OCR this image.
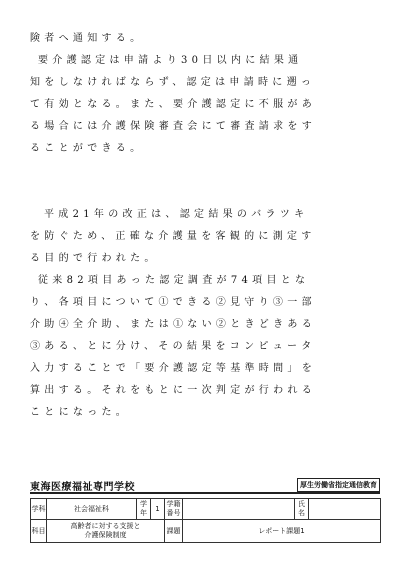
険者へ通知する。
要介護認定は申請より30日以内に結果通
知をしなければならず、認定は申請時に遡っ
て有効となる。また、要介護認定に不服があ
る場合には介護保険審査会にて審査請求をす
ることができる。
平成21年の改正は、認定結果のバラツキ
を防ぐため、正確な介護量を客観的に測定す
る目的で行われた。
従来82項目あった認定調査が74項目とな
り、各項目について①できる②見守り③一部
介助④全介助、または①ない②ときどきある
③ある、とに分け、その結果をコンピュータ
入力することで「要介護認定等基準時間」を
算出する。それをもとに一次判定が行われる
ことになった。
東海医療福祉専門学校	厚生労働省指定通信教育
学科	社会福祉科	学年	1	学籍番号		氏名	
科目	高齢者に対する支援と
介護保険制度			課題	レポート課題1		
